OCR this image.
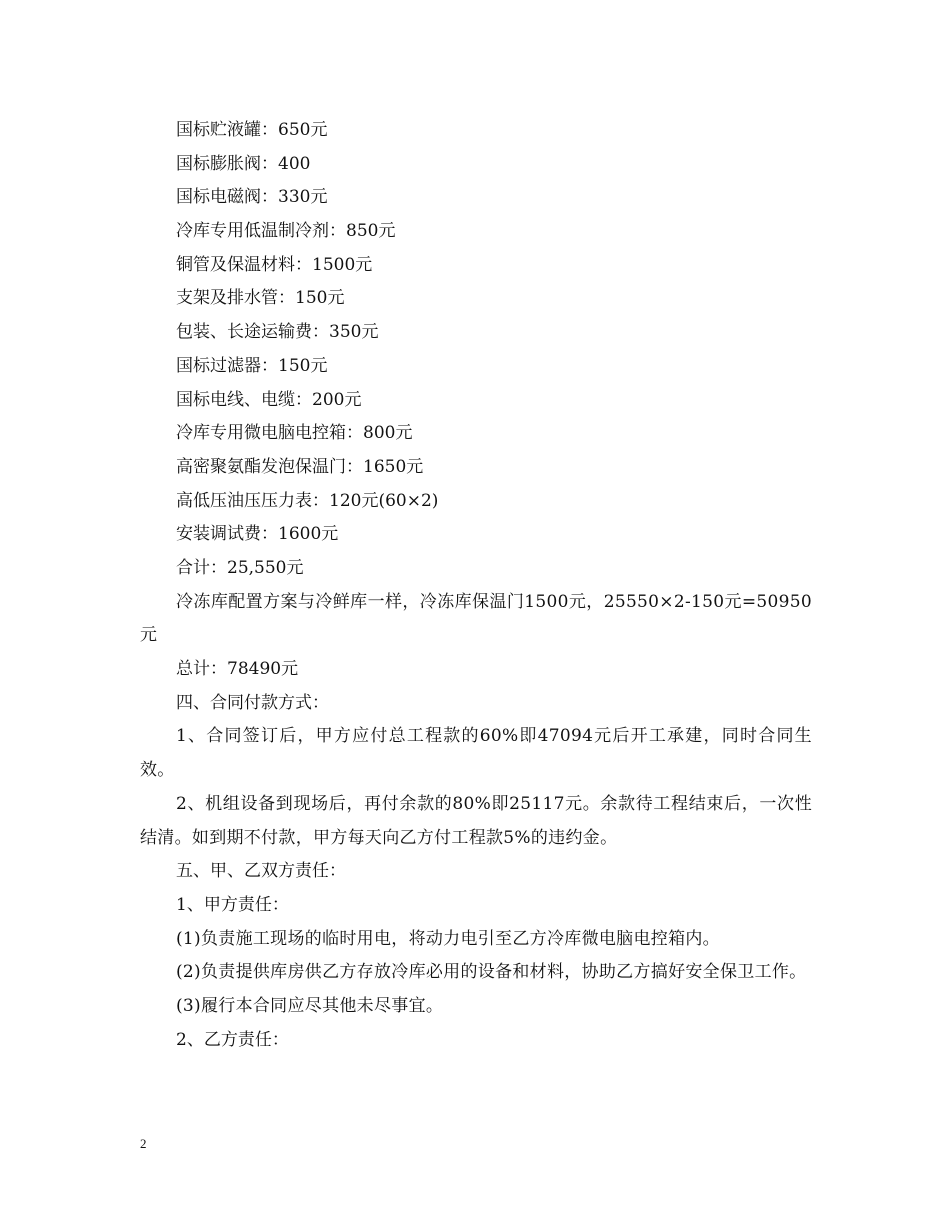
国标贮液罐：650元
国标膨胀阀：400
国标电磁阀：330元
冷库专用低温制冷剂：850元
铜管及保温材料：1500元
支架及排水管：150元
包装、长途运输费：350元
国标过滤器：150元
国标电线、电缆：200元
冷库专用微电脑电控箱：800元
高密聚氨酯发泡保温门：1650元
高低压油压压力表：120元(60×2)
安装调试费：1600元
合计：25,550元
冷冻库配置方案与冷鲜库一样，冷冻库保温门1500元，25550×2-150元=50950元
总计：78490元
四、合同付款方式：
1、合同签订后，甲方应付总工程款的60%即47094元后开工承建，同时合同生效。
2、机组设备到现场后，再付余款的80%即25117元。余款待工程结束后，一次性结清。如到期不付款，甲方每天向乙方付工程款5%的违约金。
五、甲、乙双方责任：
1、甲方责任：
(1)负责施工现场的临时用电，将动力电引至乙方冷库微电脑电控箱内。
(2)负责提供库房供乙方存放冷库必用的设备和材料，协助乙方搞好安全保卫工作。
(3)履行本合同应尽其他未尽事宜。
2、乙方责任：
2
